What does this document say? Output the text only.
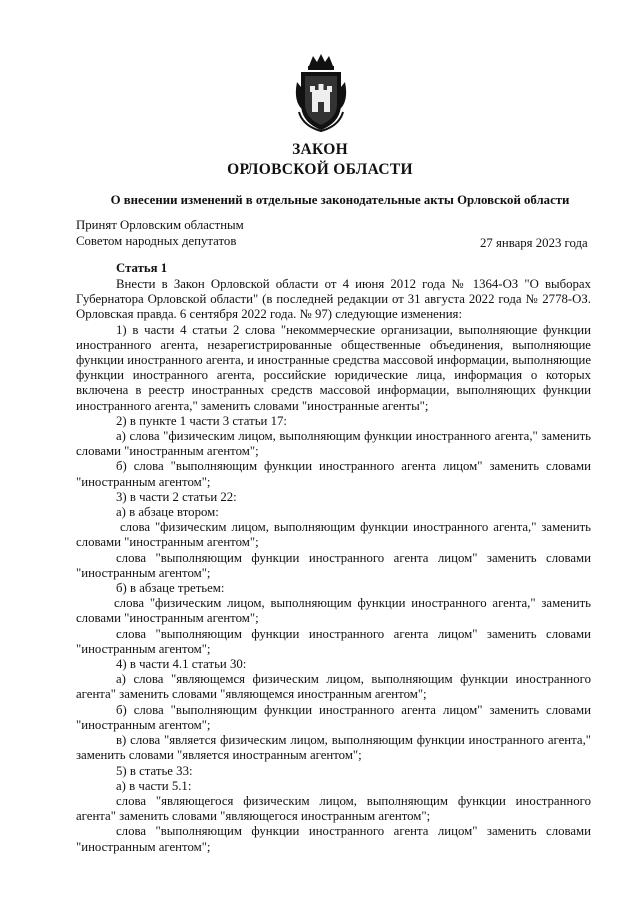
ЗАКОН
ОРЛОВСКОЙ ОБЛАСТИ
О внесении изменений в отдельные законодательные акты Орловской области
Принят Орловским областным
Советом народных депутатов	27 января 2023 года
Статья 1

Внести в Закон Орловской области от 4 июня 2012 года № 1364-ОЗ "О выборах Губернатора Орловской области" (в последней редакции от 31 августа 2022 года № 2778-ОЗ. Орловская правда. 6 сентября 2022 года. № 97) следующие изменения:

1) в части 4 статьи 2 слова "некоммерческие организации, выполняющие функции иностранного агента, незарегистрированные общественные объединения, выполняющие функции иностранного агента, и иностранные средства массовой информации, выполняющие функции иностранного агента, российские юридические лица, информация о которых включена в реестр иностранных средств массовой информации, выполняющих функции иностранного агента," заменить словами "иностранные агенты";

2) в пункте 1 части 3 статьи 17:

а) слова "физическим лицом, выполняющим функции иностранного агента," заменить словами "иностранным агентом";

б) слова "выполняющим функции иностранного агента лицом" заменить словами "иностранным агентом";

3) в части 2 статьи 22:

а) в абзаце втором:

слова "физическим лицом, выполняющим функции иностранного агента," заменить словами "иностранным агентом";

слова "выполняющим функции иностранного агента лицом" заменить словами "иностранным агентом";

б) в абзаце третьем:

слова "физическим лицом, выполняющим функции иностранного агента," заменить словами "иностранным агентом";

слова "выполняющим функции иностранного агента лицом" заменить словами "иностранным агентом";

4) в части 4.1 статьи 30:

а) слова "являющемся физическим лицом, выполняющим функции иностранного агента" заменить словами "являющемся иностранным агентом";

б) слова "выполняющим функции иностранного агента лицом" заменить словами "иностранным агентом";

в) слова "является физическим лицом, выполняющим функции иностранного агента," заменить словами "является иностранным агентом";

5) в статье 33:

а) в части 5.1:

слова "являющегося физическим лицом, выполняющим функции иностранного агента" заменить словами "являющегося иностранным агентом";

слова "выполняющим функции иностранного агента лицом" заменить словами "иностранным агентом";
